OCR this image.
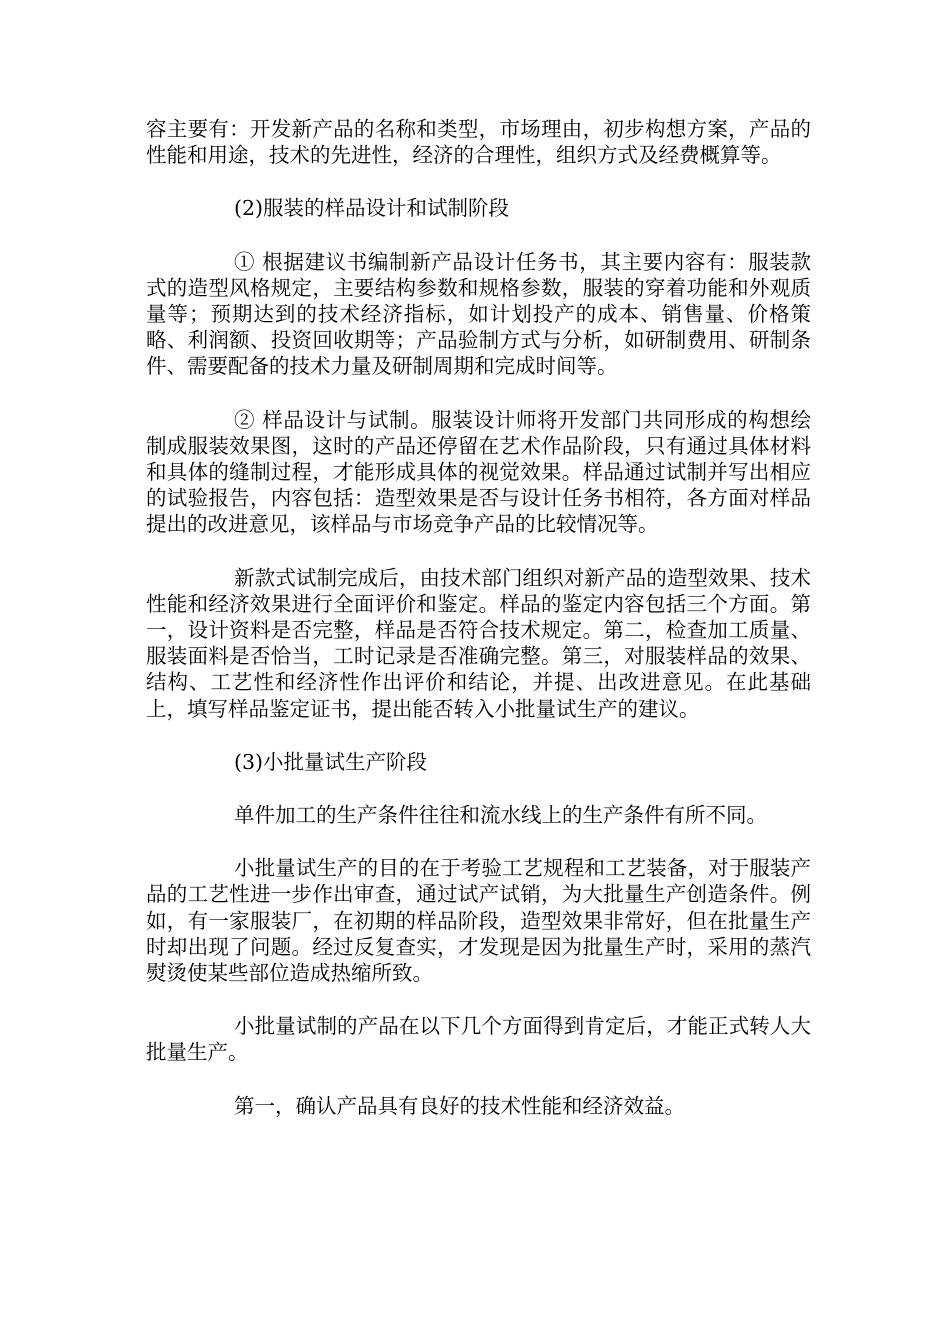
容主要有：开发新产品的名称和类型，市场理由，初步构想方案，产品的性能和用途，技术的先进性，经济的合理性，组织方式及经费概算等。

(2)服装的样品设计和试制阶段

① 根据建议书编制新产品设计任务书，其主要内容有：服装款 式的造型风格规定，主要结构参数和规格参数，服装的穿着功能和外观质量等；预期达到的技术经济指标，如计划投产的成本、销售量、价格策略、利润额、投资回收期等；产品验制方式与分析，如研制费用、研制条件、需要配备的技术力量及研制周期和完成时间等。

② 样品设计与试制。服装设计师将开发部门共同形成的构想绘制成服装效果图，这时的产品还停留在艺术作品阶段，只有通过具体材料和具体的缝制过程，才能形成具体的视觉效果。样品通过试制并写出相应的试验报告，内容包括：造型效果是否与设计任务书相符，各方面对样品提出的改进意见，该样品与市场竞争产品的比较情况等。

新款式试制完成后，由技术部门组织对新产品的造型效果、技术性能和经济效果进行全面评价和鉴定。样品的鉴定内容包括三个方面。第一，设计资料是否完整，样品是否符合技术规定。第二，检查加工质量、服装面料是否恰当，工时记录是否准确完整。第三，对服装样品的效果、结构、工艺性和经济性作出评价和结论，并提、出改进意见。在此基础上，填写样品鉴定证书，提出能否转入小批量试生产的建议。

(3)小批量试生产阶段

单件加工的生产条件往往和流水线上的生产条件有所不同。

小批量试生产的目的在于考验工艺规程和工艺装备，对于服装产品的工艺性进一步作出审查，通过试产试销，为大批量生产创造条件。例如，有一家服装厂，在初期的样品阶段，造型效果非常好，但在批量生产时却出现了问题。经过反复查实，才发现是因为批量生产时，采用的蒸汽熨烫使某些部位造成热缩所致。

小批量试制的产品在以下几个方面得到肯定后，才能正式转人大批量生产。

第一，确认产品具有良好的技术性能和经济效益。
